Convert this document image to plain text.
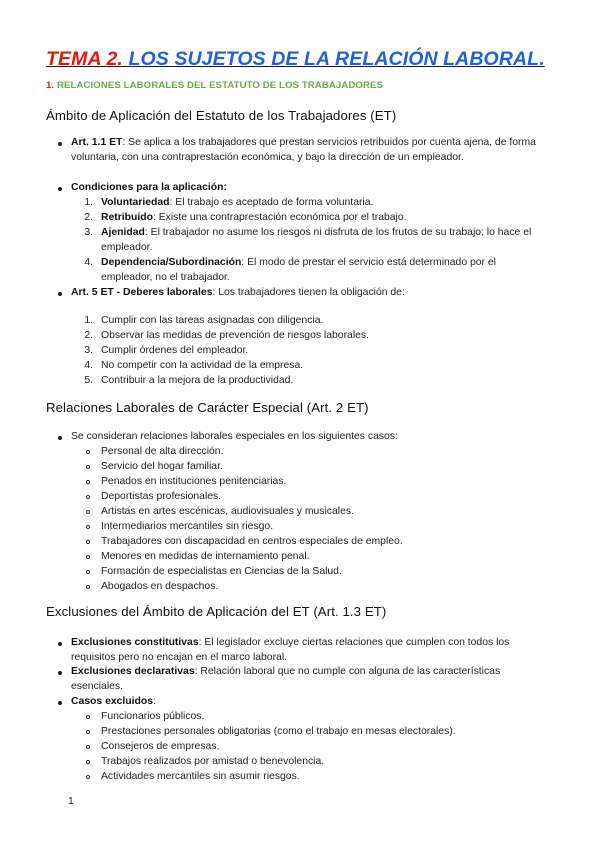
TEMA 2. LOS SUJETOS DE LA RELACIÓN LABORAL.
1. RELACIONES LABORALES DEL ESTATUTO DE LOS TRABAJADORES
Ámbito de Aplicación del Estatuto de los Trabajadores (ET)
Art. 1.1 ET: Se aplica a los trabajadores que prestan servicios retribuidos por cuenta ajena, de forma voluntaria, con una contraprestación económica, y bajo la dirección de un empleador.
Condiciones para la aplicación:
1. Voluntariedad: El trabajo es aceptado de forma voluntaria.
2. Retribuido: Existe una contraprestación económica por el trabajo.
3. Ajenidad: El trabajador no asume los riesgos ni disfruta de los frutos de su trabajo; lo hace el empleador.
4. Dependencia/Subordinación: El modo de prestar el servicio está determinado por el empleador, no el trabajador.
Art. 5 ET - Deberes laborales: Los trabajadores tienen la obligación de:
1. Cumplir con las tareas asignadas con diligencia.
2. Observar las medidas de prevención de riesgos laborales.
3. Cumplir órdenes del empleador.
4. No competir con la actividad de la empresa.
5. Contribuir a la mejora de la productividad.
Relaciones Laborales de Carácter Especial (Art. 2 ET)
Se consideran relaciones laborales especiales en los siguientes casos:
Personal de alta dirección.
Servicio del hogar familiar.
Penados en instituciones penitenciarias.
Deportistas profesionales.
Artistas en artes escénicas, audiovisuales y musicales.
Intermediarios mercantiles sin riesgo.
Trabajadores con discapacidad en centros especiales de empleo.
Menores en medidas de internamiento penal.
Formación de especialistas en Ciencias de la Salud.
Abogados en despachos.
Exclusiones del Ámbito de Aplicación del ET (Art. 1.3 ET)
Exclusiones constitutivas: El legislador excluye ciertas relaciones que cumplen con todos los requisitos pero no encajan en el marco laboral.
Exclusiones declarativas: Relación laboral que no cumple con alguna de las características esenciales.
Casos excluidos:
Funcionarios públicos.
Prestaciones personales obligatorias (como el trabajo en mesas electorales).
Consejeros de empresas.
Trabajos realizados por amistad o benevolencia.
Actividades mercantiles sin asumir riesgos.
1
